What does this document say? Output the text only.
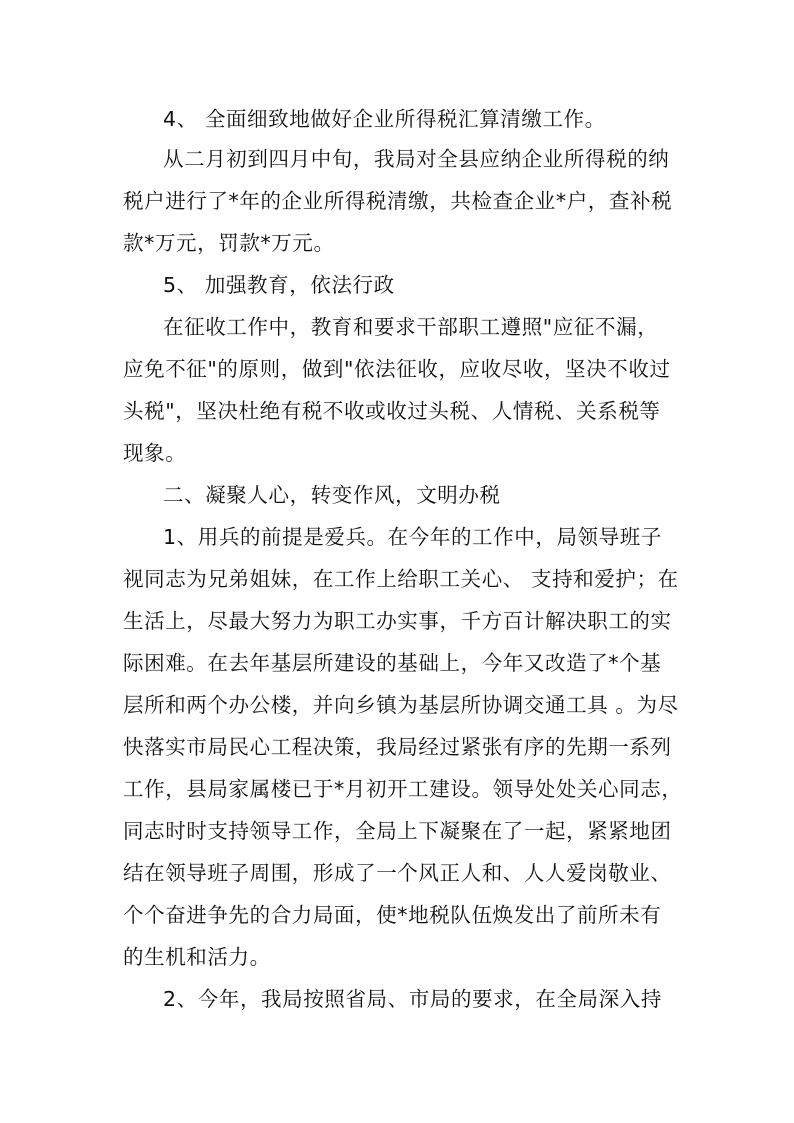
4、 全面细致地做好企业所得税汇算清缴工作。
从二月初到四月中旬，我局对全县应纳企业所得税的纳
税户进行了*年的企业所得税清缴，共检查企业*户，查补税
款*万元，罚款*万元。
5、 加强教育，依法行政
在征收工作中，教育和要求干部职工遵照"应征不漏，
应免不征"的原则，做到"依法征收，应收尽收，坚决不收过
头税"，坚决杜绝有税不收或收过头税、人情税、关系税等
现象。
二、凝聚人心，转变作风，文明办税
1、用兵的前提是爱兵。在今年的工作中，局领导班子
视同志为兄弟姐妹，在工作上给职工关心、 支持和爱护；在
生活上，尽最大努力为职工办实事，千方百计解决职工的实
际困难。在去年基层所建设的基础上，今年又改造了*个基
层所和两个办公楼，并向乡镇为基层所协调交通工具 。为尽
快落实市局民心工程决策，我局经过紧张有序的先期一系列
工作，县局家属楼已于*月初开工建设。领导处处关心同志，
同志时时支持领导工作，全局上下凝聚在了一起，紧紧地团
结在领导班子周围，形成了一个风正人和、人人爱岗敬业、
个个奋进争先的合力局面，使*地税队伍焕发出了前所未有
的生机和活力。
2、今年，我局按照省局、市局的要求，在全局深入持
